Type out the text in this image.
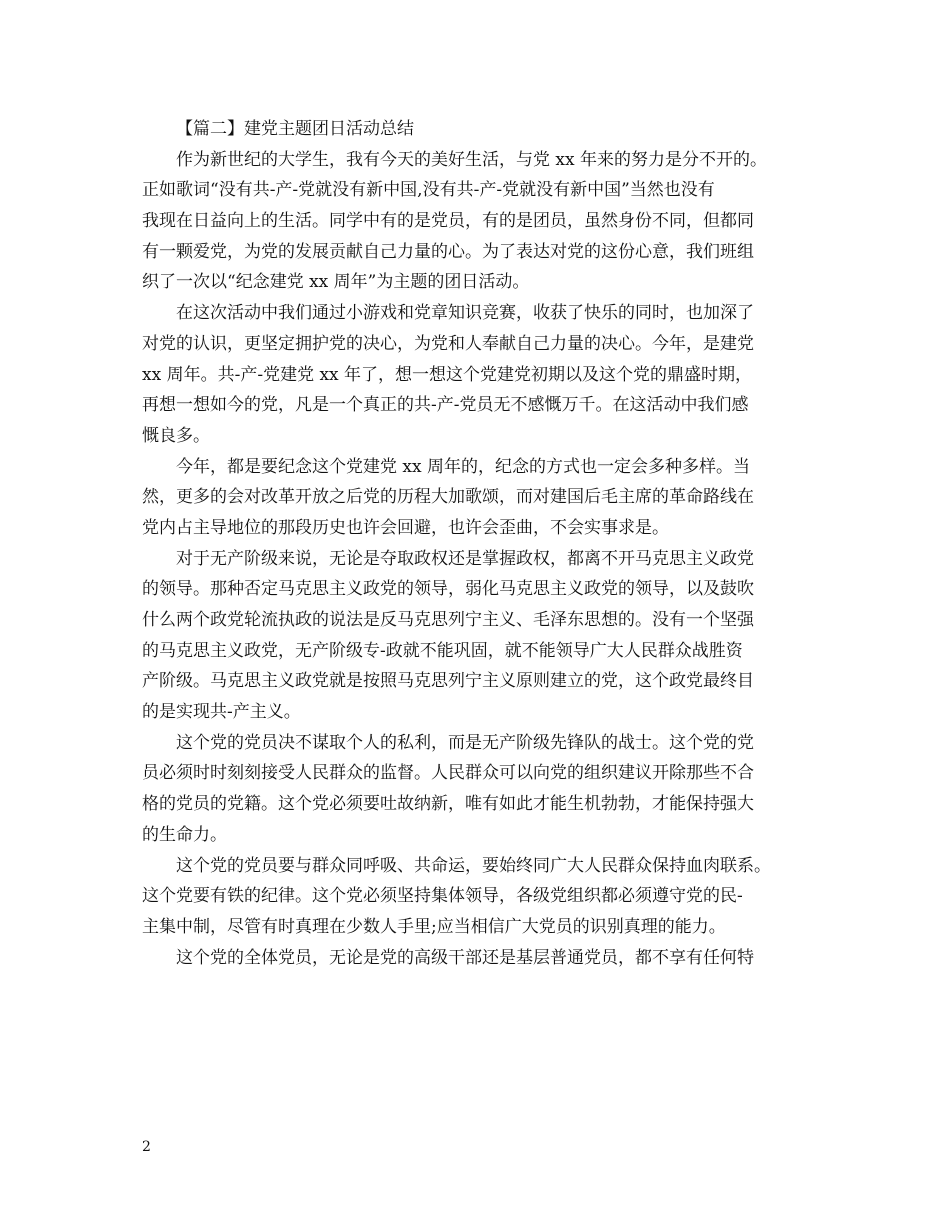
【篇二】建党主题团日活动总结
作为新世纪的大学生，我有今天的美好生活，与党 xx 年来的努力是分不开的。
正如歌词“没有共-产-党就没有新中国,没有共-产-党就没有新中国”当然也没有
我现在日益向上的生活。同学中有的是党员，有的是团员，虽然身份不同，但都同
有一颗爱党，为党的发展贡献自己力量的心。为了表达对党的这份心意，我们班组
织了一次以“纪念建党 xx 周年”为主题的团日活动。
在这次活动中我们通过小游戏和党章知识竞赛，收获了快乐的同时，也加深了
对党的认识，更坚定拥护党的决心，为党和人奉献自己力量的决心。今年，是建党
xx 周年。共-产-党建党 xx 年了，想一想这个党建党初期以及这个党的鼎盛时期，
再想一想如今的党，凡是一个真正的共-产-党员无不感慨万千。在这活动中我们感
慨良多。
今年，都是要纪念这个党建党 xx 周年的，纪念的方式也一定会多种多样。当
然，更多的会对改革开放之后党的历程大加歌颂，而对建国后毛主席的革命路线在
党内占主导地位的那段历史也许会回避，也许会歪曲，不会实事求是。
对于无产阶级来说，无论是夺取政权还是掌握政权，都离不开马克思主义政党
的领导。那种否定马克思主义政党的领导，弱化马克思主义政党的领导，以及鼓吹
什么两个政党轮流执政的说法是反马克思列宁主义、毛泽东思想的。没有一个坚强
的马克思主义政党，无产阶级专-政就不能巩固，就不能领导广大人民群众战胜资
产阶级。马克思主义政党就是按照马克思列宁主义原则建立的党，这个政党最终目
的是实现共-产主义。
这个党的党员决不谋取个人的私利，而是无产阶级先锋队的战士。这个党的党
员必须时时刻刻接受人民群众的监督。人民群众可以向党的组织建议开除那些不合
格的党员的党籍。这个党必须要吐故纳新，唯有如此才能生机勃勃，才能保持强大
的生命力。
这个党的党员要与群众同呼吸、共命运，要始终同广大人民群众保持血肉联系。
这个党要有铁的纪律。这个党必须坚持集体领导，各级党组织都必须遵守党的民-
主集中制，尽管有时真理在少数人手里;应当相信广大党员的识别真理的能力。
这个党的全体党员，无论是党的高级干部还是基层普通党员，都不享有任何特
2
